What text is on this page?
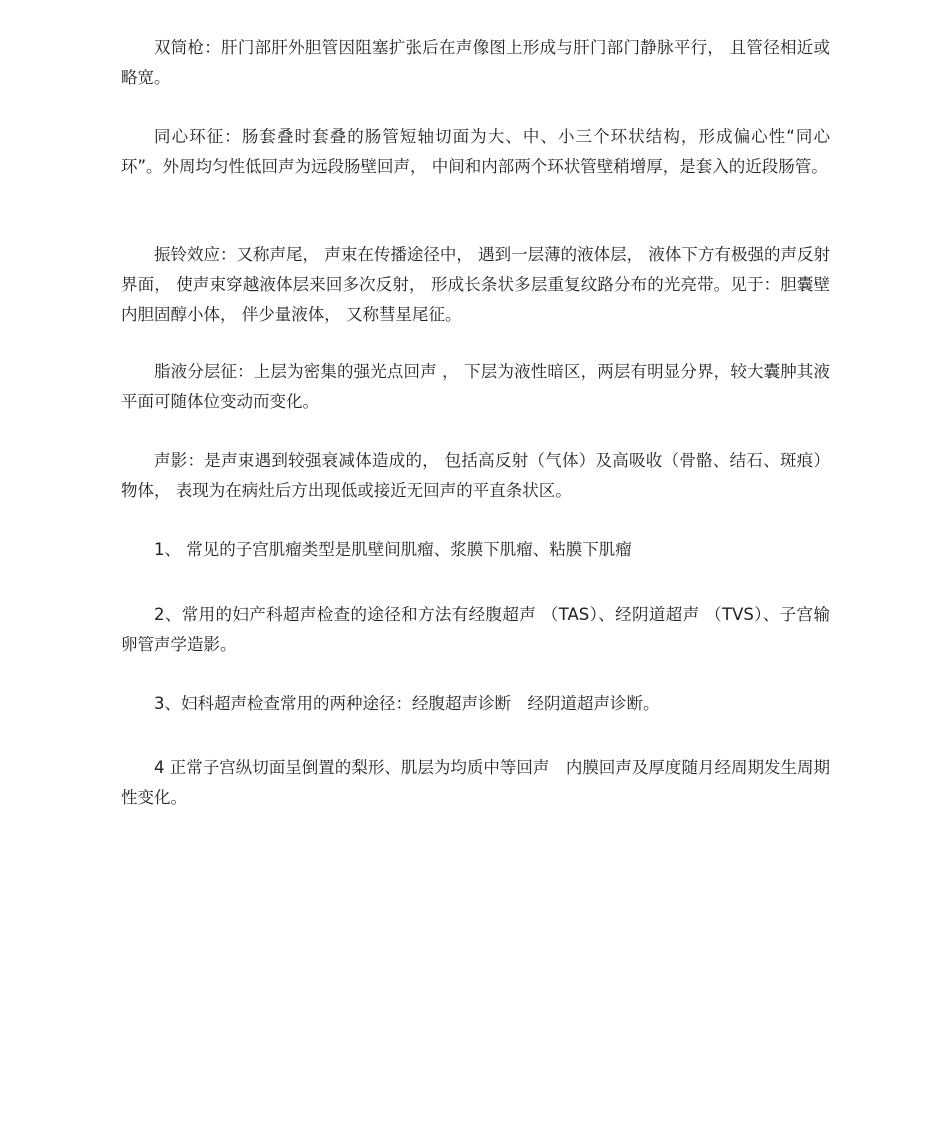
双筒枪：肝门部肝外胆管因阻塞扩张后在声像图上形成与肝门部门静脉平行， 且管径相近或略宽。

同心环征：肠套叠时套叠的肠管短轴切面为大、中、小三个环状结构，形成偏心性“同心环”。外周均匀性低回声为远段肠壁回声， 中间和内部两个环状管壁稍增厚，是套入的近段肠管。

振铃效应：又称声尾， 声束在传播途径中， 遇到一层薄的液体层， 液体下方有极强的声反射界面， 使声束穿越液体层来回多次反射， 形成长条状多层重复纹路分布的光亮带。见于：胆囊壁内胆固醇小体， 伴少量液体， 又称彗星尾征。

脂液分层征：上层为密集的强光点回声 ， 下层为液性暗区，两层有明显分界，较大囊肿其液平面可随体位变动而变化。

声影：是声束遇到较强衰减体造成的， 包括高反射（气体）及高吸收（骨骼、结石、斑痕）物体， 表现为在病灶后方出现低或接近无回声的平直条状区。

1、 常见的子宫肌瘤类型是肌壁间肌瘤、浆膜下肌瘤、粘膜下肌瘤

2、常用的妇产科超声检查的途径和方法有经腹超声 （TAS）、经阴道超声 （TVS）、子宫输卵管声学造影。

3、妇科超声检查常用的两种途径：经腹超声诊断　经阴道超声诊断。

4 正常子宫纵切面呈倒置的梨形、肌层为均质中等回声　内膜回声及厚度随月经周期发生周期性变化。
